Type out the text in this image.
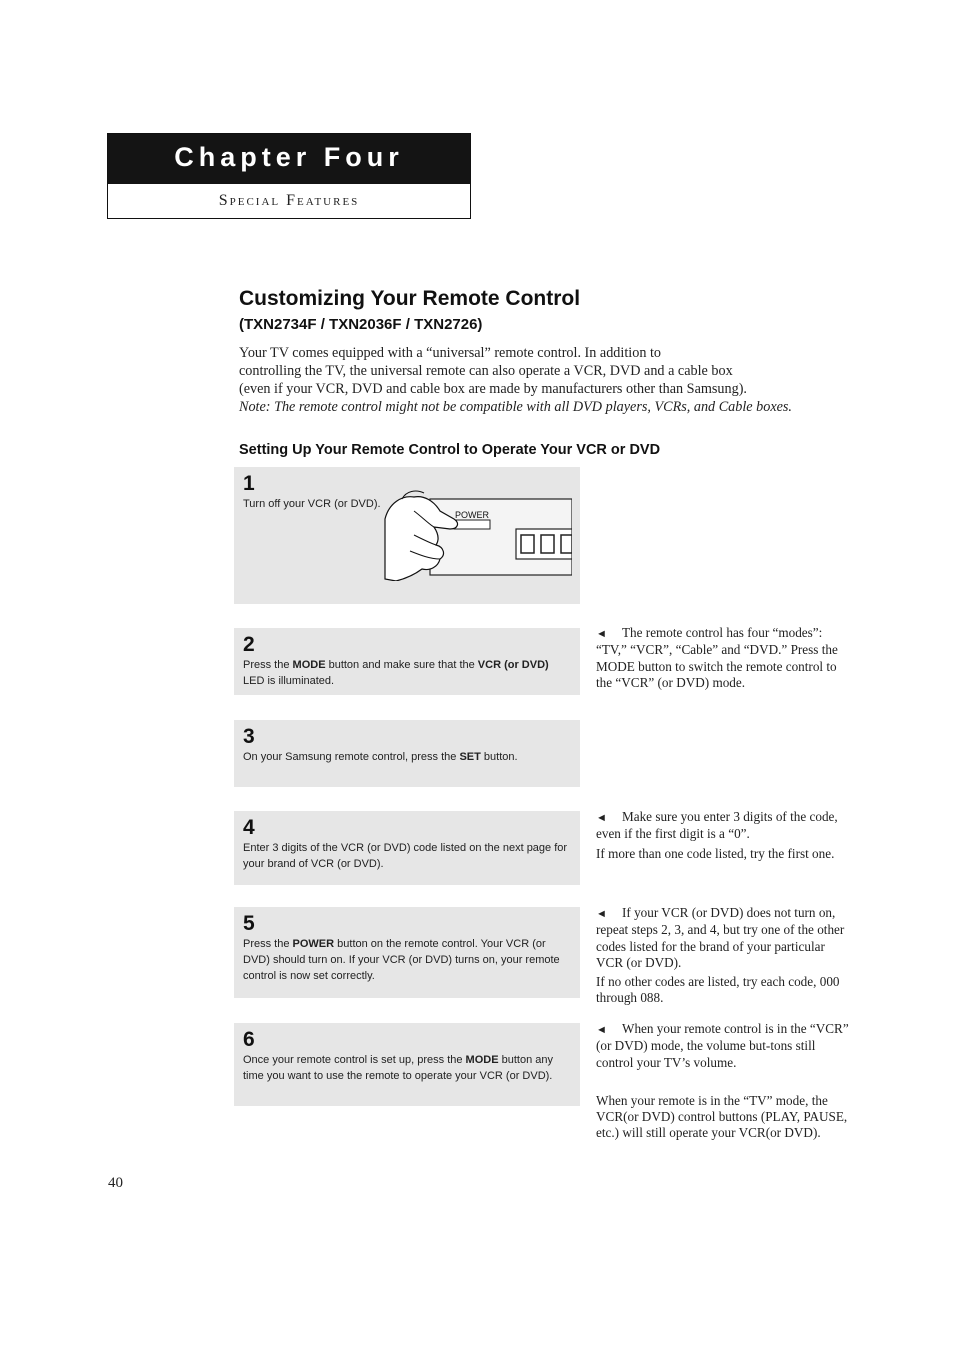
Chapter Four
Special Features
Customizing Your Remote Control
(TXN2734F / TXN2036F / TXN2726)
Your TV comes equipped with a “universal” remote control. In addition to
controlling the TV, the universal remote can also operate a VCR, DVD and a cable box
(even if your VCR, DVD and cable box are made by manufacturers other than Samsung).
Note: The remote control might not be compatible with all DVD players, VCRs, and Cable boxes.
Setting Up Your Remote Control to Operate Your VCR or DVD
1
Turn off your VCR (or DVD).
POWER
2
Press the MODE button and make sure that the VCR (or DVD) LED is illuminated.
3
On your Samsung remote control, press the SET button.
4
Enter 3 digits of the VCR (or DVD) code listed on the next page for your brand of VCR (or DVD).
5
Press the POWER button on the remote control. Your VCR (or DVD) should turn on. If your VCR (or DVD) turns on, your remote control is now set correctly.
6
Once your remote control is set up, press the MODE button any time you want to use the remote to operate your VCR (or DVD).

◄ The remote control has four “modes”: “TV,” “VCR”, “Cable” and “DVD.” Press the MODE button to switch the remote control to the “VCR” (or DVD) mode.

◄ Make sure you enter 3 digits of the code, even if the first digit is a “0”.

If more than one code listed, try the first one.

◄ If your VCR (or DVD) does not turn on, repeat steps 2, 3, and 4, but try one of the other codes listed for the brand of your particular VCR (or DVD).

If no other codes are listed, try each code, 000 through 088.

◄ When your remote control is in the “VCR” (or DVD) mode, the volume but-tons still control your TV’s volume.

When your remote is in the “TV” mode, the VCR(or DVD) control buttons (PLAY, PAUSE, etc.) will still operate your VCR(or DVD).

40
